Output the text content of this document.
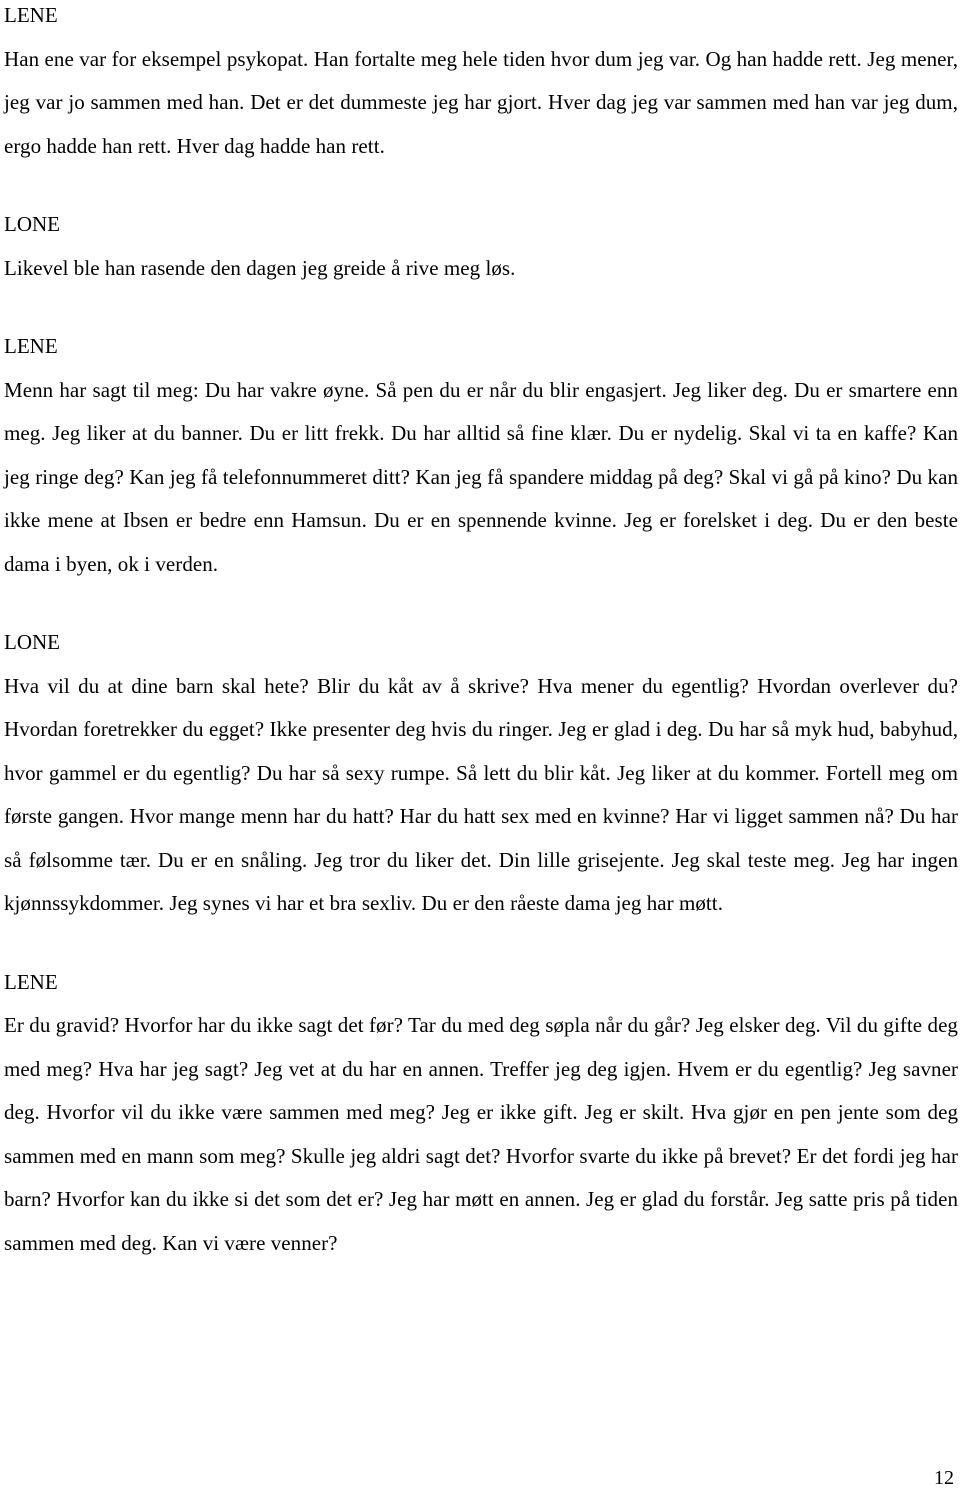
LENE

Han ene var for eksempel psykopat. Han fortalte meg hele tiden hvor dum jeg var. Og han hadde rett. Jeg mener, jeg var jo sammen med han. Det er det dummeste jeg har gjort. Hver dag jeg var sammen med han var jeg dum, ergo hadde han rett. Hver dag hadde han rett.

LONE

Likevel ble han rasende den dagen jeg greide å rive meg løs.

LENE

Menn har sagt til meg: Du har vakre øyne. Så pen du er når du blir engasjert. Jeg liker deg. Du er smartere enn meg. Jeg liker at du banner. Du er litt frekk. Du har alltid så fine klær. Du er nydelig. Skal vi ta en kaffe? Kan jeg ringe deg? Kan jeg få telefonnummeret ditt? Kan jeg få spandere middag på deg? Skal vi gå på kino? Du kan ikke mene at Ibsen er bedre enn Hamsun. Du er en spennende kvinne. Jeg er forelsket i deg. Du er den beste dama i byen, ok i verden.

LONE

Hva vil du at dine barn skal hete? Blir du kåt av å skrive? Hva mener du egentlig? Hvordan overlever du? Hvordan foretrekker du egget? Ikke presenter deg hvis du ringer. Jeg er glad i deg. Du har så myk hud, babyhud, hvor gammel er du egentlig? Du har så sexy rumpe. Så lett du blir kåt. Jeg liker at du kommer. Fortell meg om første gangen. Hvor mange menn har du hatt? Har du hatt sex med en kvinne? Har vi ligget sammen nå? Du har så følsomme tær. Du er en snåling. Jeg tror du liker det. Din lille grisejente. Jeg skal teste meg. Jeg har ingen kjønnssykdommer. Jeg synes vi har et bra sexliv. Du er den råeste dama jeg har møtt.

LENE

Er du gravid? Hvorfor har du ikke sagt det før? Tar du med deg søpla når du går? Jeg elsker deg. Vil du gifte deg med meg? Hva har jeg sagt? Jeg vet at du har en annen. Treffer jeg deg igjen. Hvem er du egentlig? Jeg savner deg. Hvorfor vil du ikke være sammen med meg? Jeg er ikke gift. Jeg er skilt. Hva gjør en pen jente som deg sammen med en mann som meg? Skulle jeg aldri sagt det? Hvorfor svarte du ikke på brevet? Er det fordi jeg har barn? Hvorfor kan du ikke si det som det er? Jeg har møtt en annen. Jeg er glad du forstår. Jeg satte pris på tiden sammen med deg. Kan vi være venner?

12
